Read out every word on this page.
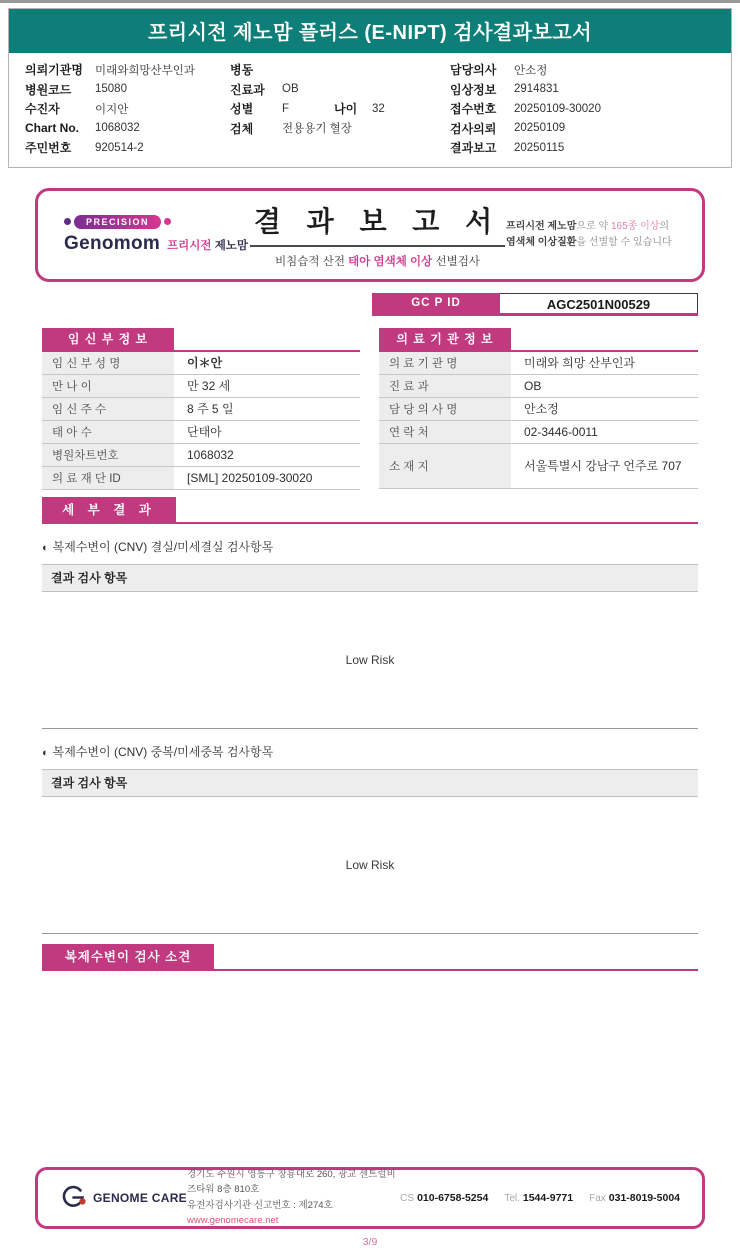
프리시전 제노맘 플러스 (E-NIPT) 검사결과보고서
의뢰기관명	미래와희망산부인과
병원코드	15080
수진자	이지안
Chart No.	1068032
주민번호	920514-2
병동
진료과	OB
성별	F	나이	32
검체	전용용기 혈장
담당의사	안소정
임상정보	2914831
접수번호	20250109-30020
검사의뢰	20250109
결과보고	20250115
PRECISION
Genomom 프리시전 제노맘
결 과 보 고 서
비침습적 산전 태아 염색체 이상 선별검사
프리시전 제노맘으로 약 165종 이상의
염색체 이상질환을 선별할 수 있습니다
GC P ID	AGC2501N00529
임 신 부 정 보
임 신 부 성 명	이＊안
만 나 이	만 32 세
임 신 주 수	8 주 5 일
태 아 수	단태아
병원차트번호	1068032
의 료 재 단 ID	[SML] 20250109-30020
의 료 기 관 정 보
의 료 기 관 명	미래와 희망 산부인과
진 료 과	OB
담 당 의 사 명	안소정
연 락 처	02-3446-0011
소 재 지	서울특별시 강남구 언주로 707
세 부 결 과
◐ 복제수변이 (CNV) 결실/미세결실 검사항목
결과 검사 항목
Low Risk
◐ 복제수변이 (CNV) 중복/미세중복 검사항목
결과 검사 항목
Low Risk
복제수변이 검사 소견
GENOME CARE
경기도 수원시 영통구 창룡대로 260, 광교 센트럴비즈타워 8층 810호
유전자검사기관 신고번호 : 제274호
www.genomecare.net
CS 010-6758-5254 Tel. 1544-9771 Fax 031-8019-5004
3/9
